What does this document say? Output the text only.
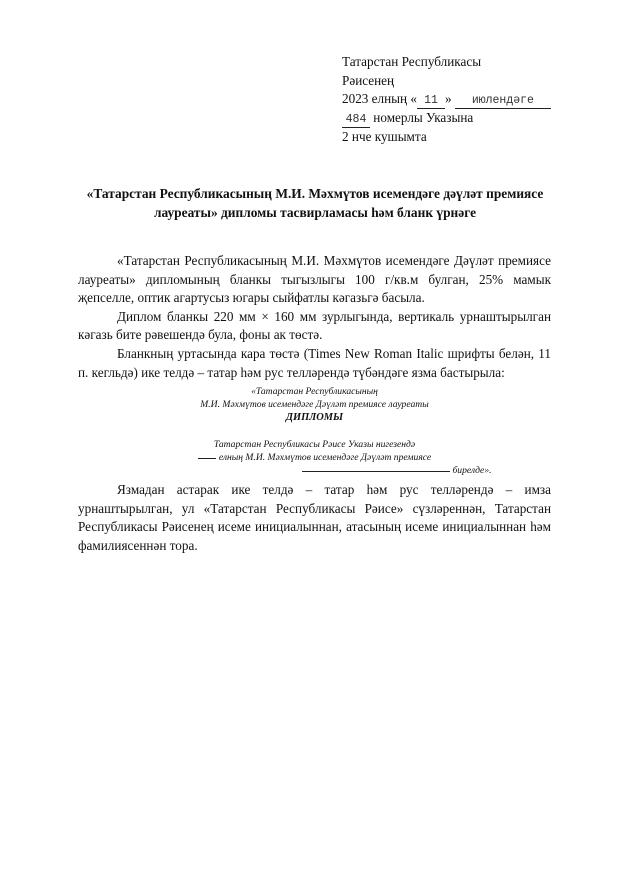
Татарстан Республикасы
Рәисенең
2023 елның « 11 » июлендәге
484 номерлы Указына
2 нче кушымта
«Татарстан Республикасының М.И. Мәхмүтов исемендәге дәүләт премиясе лауреаты» дипломы тасвирламасы һәм бланк үрнәге

«Татарстан Республикасының М.И. Мәхмүтов исемендәге Дәүләт премиясе лауреаты» дипломының бланкы тыгызлыгы 100 г/кв.м булган, 25% мамык җепселле, оптик агартусыз югары сыйфатлы кәгазьгә басыла.

Диплом бланкы 220 мм × 160 мм зурлыгында, вертикаль урнаштырылган кәгазь бите рәвешендә була, фоны ак төстә.

Бланкның уртасында кара төстә (Times New Roman Italic шрифты белән, 11 п. кегльдә) ике телдә – татар һәм рус телләрендә түбәндәге язма бастырыла:

«Татарстан Республикасының
М.И. Мәхмүтов исемендәге Дәүләт премиясе лауреаты
ДИПЛОМЫ
Татарстан Республикасы Рәисе Указы нигезендә
елның М.И. Мәхмүтов исемендәге Дәүләт премиясе
бирелде».

Язмадан астарак ике телдә – татар һәм рус телләрендә – имза урнаштырылган, ул «Татарстан Республикасы Рәисе» сүзләреннән, Татарстан Республикасы Рәисенең исеме инициалыннан, атасының исеме инициалыннан һәм фамилиясеннән тора.
